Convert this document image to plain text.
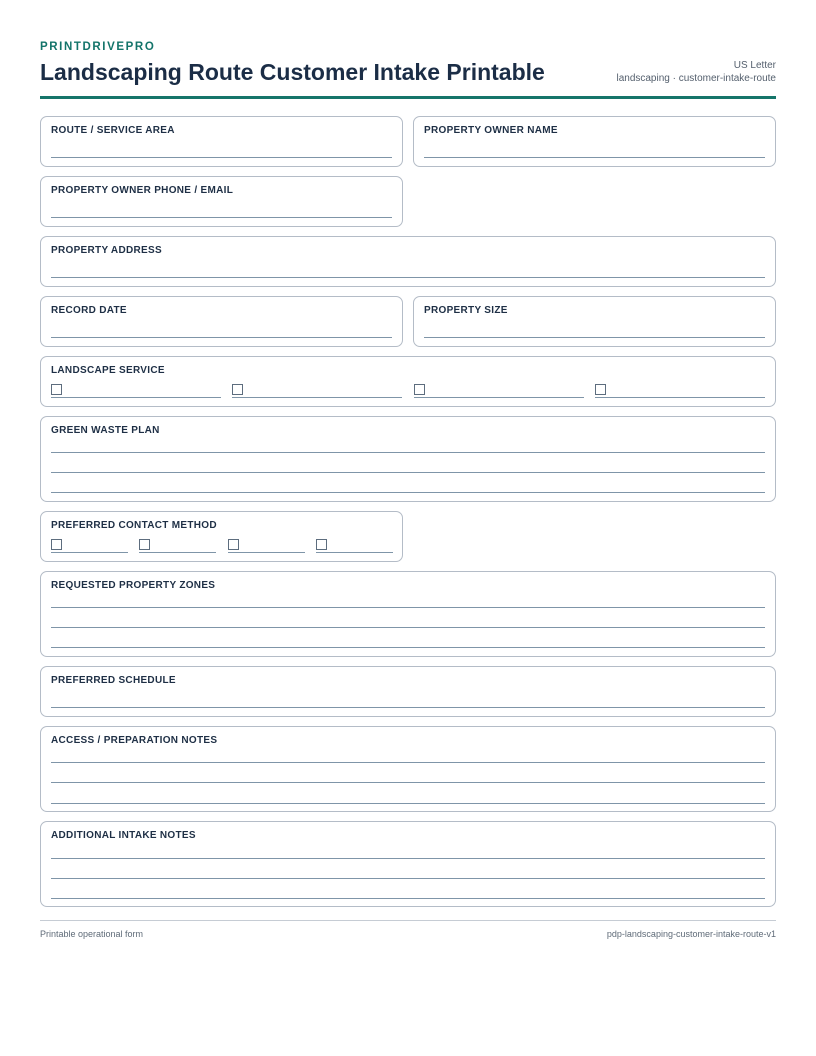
PRINTDRIVEPRO
Landscaping Route Customer Intake Printable	US Letter
landscaping · customer-intake-route
ROUTE / SERVICE AREA	PROPERTY OWNER NAME
PROPERTY OWNER PHONE / EMAIL
PROPERTY ADDRESS
RECORD DATE	PROPERTY SIZE
LANDSCAPE SERVICE
GREEN WASTE PLAN
PREFERRED CONTACT METHOD
REQUESTED PROPERTY ZONES
PREFERRED SCHEDULE
ACCESS / PREPARATION NOTES
ADDITIONAL INTAKE NOTES
Printable operational form	pdp-landscaping-customer-intake-route-v1
